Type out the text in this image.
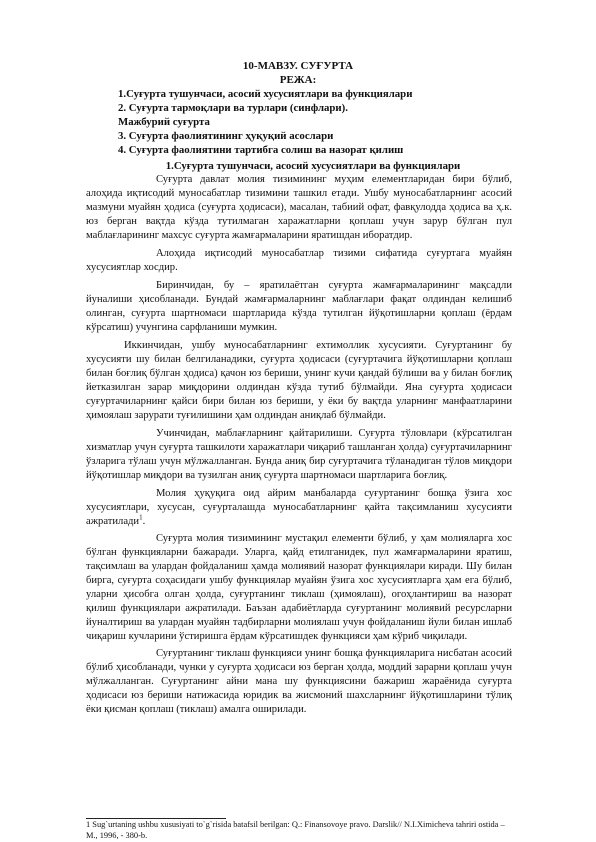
10-МАВЗУ. СУҒУРТА
РЕЖА:
1.Суғурта тушунчаси, асосий хусусиятлари ва функциялари
2. Суғурта тармоқлари ва турлари (синфлари).
Мажбурий суғурта
3. Суғурта фаолиятининг ҳуқуқий асослари
4. Суғурта фаолиятини тартибга солиш ва назорат қилиш
1.Суғурта тушунчаси, асосий хусусиятлари ва функциялари

Суғурта давлат молия тизимининг муҳим елементларидан бири бўлиб, алоҳида иқтисодий муносабатлар тизимини ташкил етади. Ушбу муносабатларнинг асосий мазмуни муайян ҳодиса (суғурта ҳодисаси), масалан, табиий офат, фавқулодда ҳодиса ва ҳ.к. юз берган вақтда кўзда тутилмаган харажатларни қоплаш учун зарур бўлган пул маблағларининг махсус суғурта жамғармаларини яратишдан иборатдир.

Алоҳида иқтисодий муносабатлар тизими сифатида суғуртага муайян хусусиятлар хосдир.

Биринчидан, бу – яратилаётган суғурта жамғармаларининг мақсадли йуналиши ҳисобланади. Бундай жамғармаларнинг маблағлари фақат олдиндан келишиб олинган, суғурта шартномаси шартларида кўзда тутилган йўқотишларни қоплаш (ёрдам кўрсатиш) учунгина сарфланиши мумкин.

Иккинчидан, ушбу муносабатларнинг ехтимоллик хусусияти. Суғуртанинг бу хусусияти шу билан белгиланадики, суғурта ҳодисаси (суғуртачига йўқотишларни қоплаш билан боғлиқ бўлган ҳодиса) қачон юз бериши, унинг кучи қандай бўлиши ва у билан боғлиқ йетказилган зарар миқдорини олдиндан кўзда тутиб бўлмайди. Яна суғурта ҳодисаси суғуртачиларнинг қайси бири билан юз бериши, у ёки бу вақтда уларнинг манфаатларини ҳимоялаш зарурати туғилишини ҳам олдиндан аниқлаб бўлмайди.

Учинчидан, маблағларнинг қайтарилиши. Суғурта тўловлари (кўрсатилган хизматлар учун суғурта ташкилоти харажатлари чиқариб ташланган ҳолда) суғуртачиларнинг ўзларига тўлаш учун мўлжалланган. Бунда аниқ бир суғуртачига тўланадиган тўлов миқдори йўқотишлар миқдори ва тузилган аниқ суғурта шартномаси шартларига боғлиқ.

Молия ҳуқуқига оид айрим манбаларда суғуртанинг бошқа ўзига хос хусусиятлари, хусусан, суғурталашда муносабатларнинг қайта тақсимланиш хусусияти ажратилади$^1$.

Суғурта молия тизимининг мустақил елементи бўлиб, у ҳам молияларга хос бўлган функцияларни бажаради. Уларга, қайд етилганидек, пул жамғармаларини яратиш, тақсимлаш ва улардан фойдаланиш ҳамда молиявий назорат функциялари киради. Шу билан бирга, суғурта соҳасидаги ушбу функциялар муайян ўзига хос хусусиятларга ҳам ега бўлиб, уларни ҳисобга олган ҳолда, суғуртанинг тиклаш (ҳимоялаш), огоҳлантириш ва назорат қилиш функциялари ажратилади. Баъзан адабиётларда суғуртанинг молиявий ресурсларни йуналтириш ва улардан муайян тадбирларни молиялаш учун фойдаланиш йули билан ишлаб чиқариш кучларини ўстиришга ёрдам кўрсатишдек функцияси ҳам кўриб чиқилади.

Суғуртанинг тиклаш функцияси унинг бошқа функцияларига нисбатан асосий бўлиб ҳисобланади, чунки у суғурта ҳодисаси юз берган ҳолда, моддий зарарни қоплаш учун мўлжалланган. Суғуртанинг айни мана шу функциясини бажариш жараёнида суғурта ҳодисаси юз бериши натижасида юридик ва жисмоний шахсларнинг йўқотишларини тўлиқ ёки қисман қоплаш (тиклаш) амалга оширилади.

1 Sug`urtaning ushbu xususiyati to`g`risida batafsil berilgan: Q.: Finansovoye pravo. Darslik// N.I.Ximicheva tahriri ostida – M., 1996, - 380-b.
